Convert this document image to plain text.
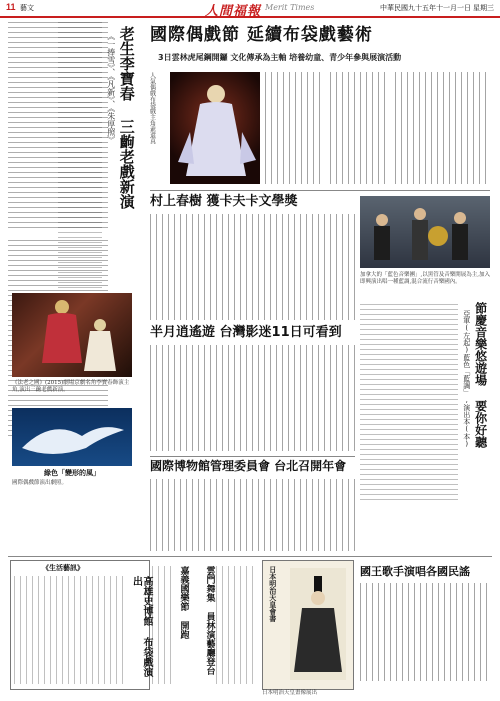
11 藝文	人間福報 Merit Times	中華民國九十五年十一月一日 星期三
老生李寶春 三齣老戲新演
《一捧雪》、《凡新》、《朱厚照》
《法老之國》(2015)劇場京劇名角李寶春飾演主角,演出三齣老戲新演。
綠色「變形的風」
國際偶戲節演出劇照。
國際偶戲節 延續布袋戲藝術
3日雲林虎尾鋼開鑼 文化傳承為主軸 培養幼童、青少年參與展演活動
人氣偶戲布袋戲主角素還真
村上春樹 獲卡夫卡文學獎
加拿大的「藍色音樂團」,以黑管及音樂開展為主,加入即興演出唱一種藍調,混合流行音樂國內。
節慶音樂悠遊場 要你好聽
亞軍(左起)藍色「藍調」,演出本(本)
半月逍遙遊 台灣影迷11日可看到
國際博物館管理委員會 台北召開年會
國王歌手演唱各國民謠
《生活藝訊》
高雄史博館 布袋戲演出	雲門舞集 員林演藝廳登台
嘉義國樂節 開跑	日本明治天皇會書
日本明治天皇畫像展出
